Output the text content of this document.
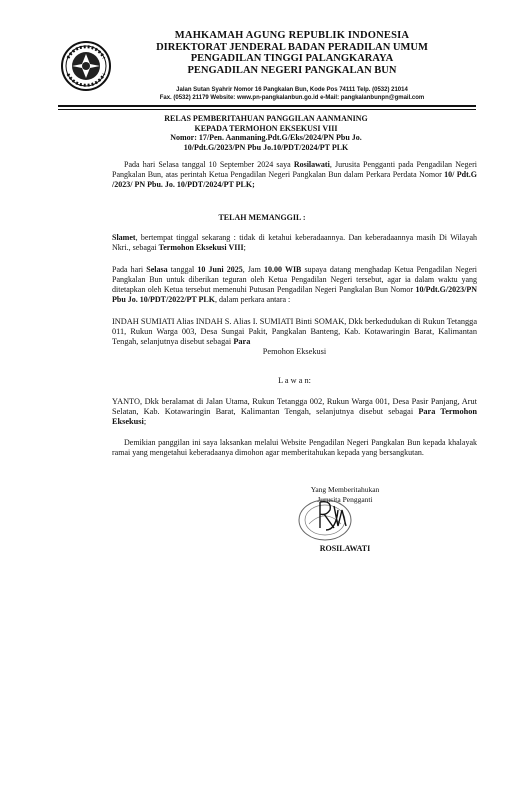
MAHKAMAH AGUNG REPUBLIK INDONESIA
DIREKTORAT JENDERAL BADAN PERADILAN UMUM
PENGADILAN TINGGI PALANGKARAYA
PENGADILAN NEGERI PANGKALAN BUN
Jalan Sutan Syahrir Nomor 16 Pangkalan Bun, Kode Pos 74111 Telp. (0532) 21014
Fax. (0532) 21179 Website: www.pn-pangkalanbun.go.id e-Mail: pangkalanbunpn@gmail.com
RELAS PEMBERITAHUAN PANGGILAN AANMANING
KEPADA TERMOHON EKSEKUSI VIII
Nomor: 17/Pen. Aanmaning.Pdt.G/Eks/2024/PN Pbu Jo.
10/Pdt.G/2023/PN Pbu Jo.10/PDT/2024/PT PLK
Pada hari Selasa tanggal 10 September 2024 saya Rosilawati, Jurusita Pengganti pada Pengadilan Negeri Pangkalan Bun, atas perintah Ketua Pengadilan Negeri Pangkalan Bun dalam Perkara Perdata Nomor 10/ Pdt.G /2023/ PN Pbu. Jo. 10/PDT/2024/PT PLK;
TELAH MEMANGGIL :
Slamet, bertempat tinggal sekarang : tidak di ketahui keberadaannya. Dan keberadaannya masih Di Wilayah Nkri., sebagai Termohon Eksekusi VIII;
Pada hari Selasa tanggal 10 Juni 2025, Jam 10.00 WIB supaya datang menghadap Ketua Pengadilan Negeri Pangkalan Bun untuk diberikan teguran oleh Ketua Pengadilan Negeri tersebut, agar ia dalam waktu yang ditetapkan oleh Ketua tersebut memenuhi Putusan Pengadilan Negeri Pangkalan Bun Nomor 10/Pdt.G/2023/PN Pbu Jo. 10/PDT/2022/PT PLK, dalam perkara antara :
INDAH SUMIATI Alias INDAH S. Alias I. SUMIATI Binti SOMAK, Dkk berkedudukan di Rukun Tetangga 011, Rukun Warga 003, Desa Sungai Pakit, Pangkalan Banteng, Kab. Kotawaringin Barat, Kalimantan Tengah, selanjutnya disebut sebagai Para

Pemohon Eksekusi
L a w a n:
YANTO, Dkk beralamat di Jalan Utama, Rukun Tetangga 002, Rukun Warga 001, Desa Pasir Panjang, Arut Selatan, Kab. Kotawaringin Barat, Kalimantan Tengah, selanjutnya disebut sebagai Para Termohon Eksekusi;
Demikian panggilan ini saya laksankan melalui Website Pengadilan Negeri Pangkalan Bun kepada khalayak ramai yang mengetahui keberadaanya dimohon agar memberitahukan kepada yang bersangkutan.
Yang Memberitahukan
Jurusita Pengganti
ROSILAWATI
